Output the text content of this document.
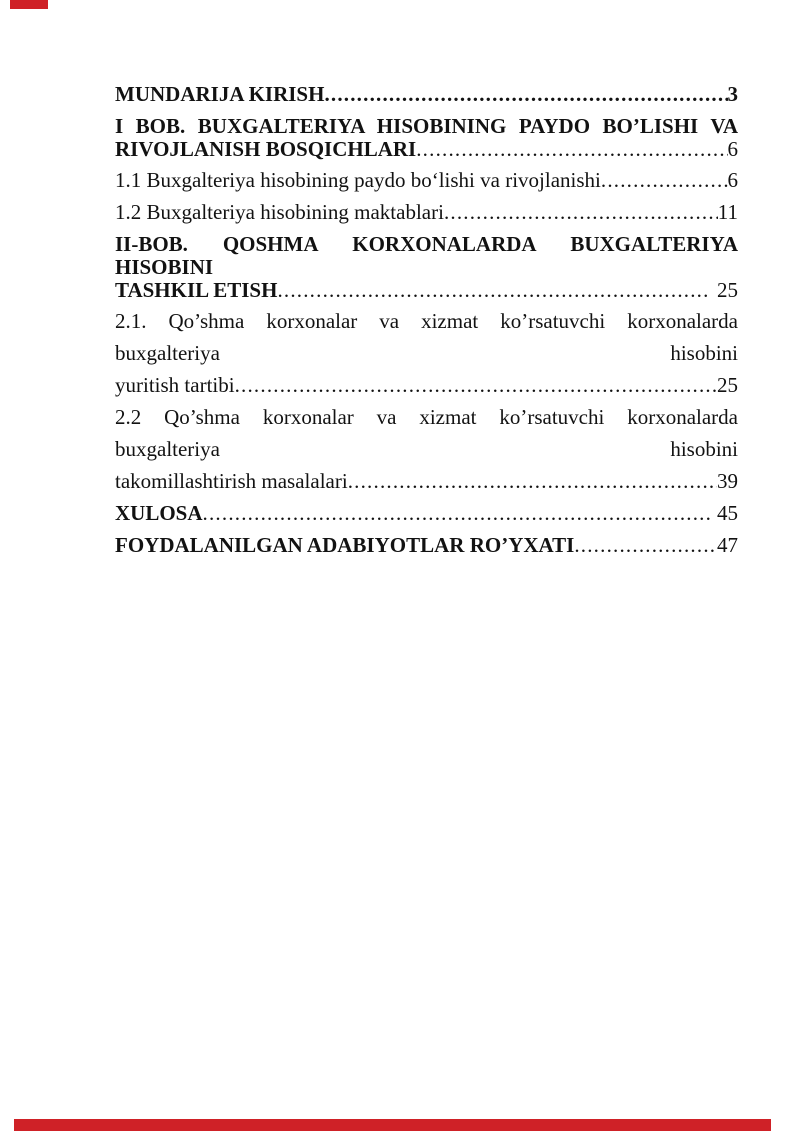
MUNDARIJA KIRISH .....	3
I BOB. BUXGALTERIYA HISOBINING PAYDO BO’LISHI VA
RIVOJLANISH BOSQICHLARI .....	6
1.1 Buxgalteriya hisobining paydo bo‘lishi va rivojlanishi .....	6
1.2 Buxgalteriya hisobining maktablari .....	11
II-BOB. QOSHMA KORXONALARDA BUXGALTERIYA HISOBINI
TASHKIL ETISH .....	25
2.1. Qo’shma korxonalar va xizmat ko’rsatuvchi korxonalarda buxgalteriya hisobini
yuritish tartibi .....	25
2.2 Qo’shma korxonalar va xizmat ko’rsatuvchi korxonalarda buxgalteriya hisobini
takomillashtirish masalalari .....	39
XULOSA .....	45
FOYDALANILGAN ADABIYOTLAR RO’YXATI .....	47
